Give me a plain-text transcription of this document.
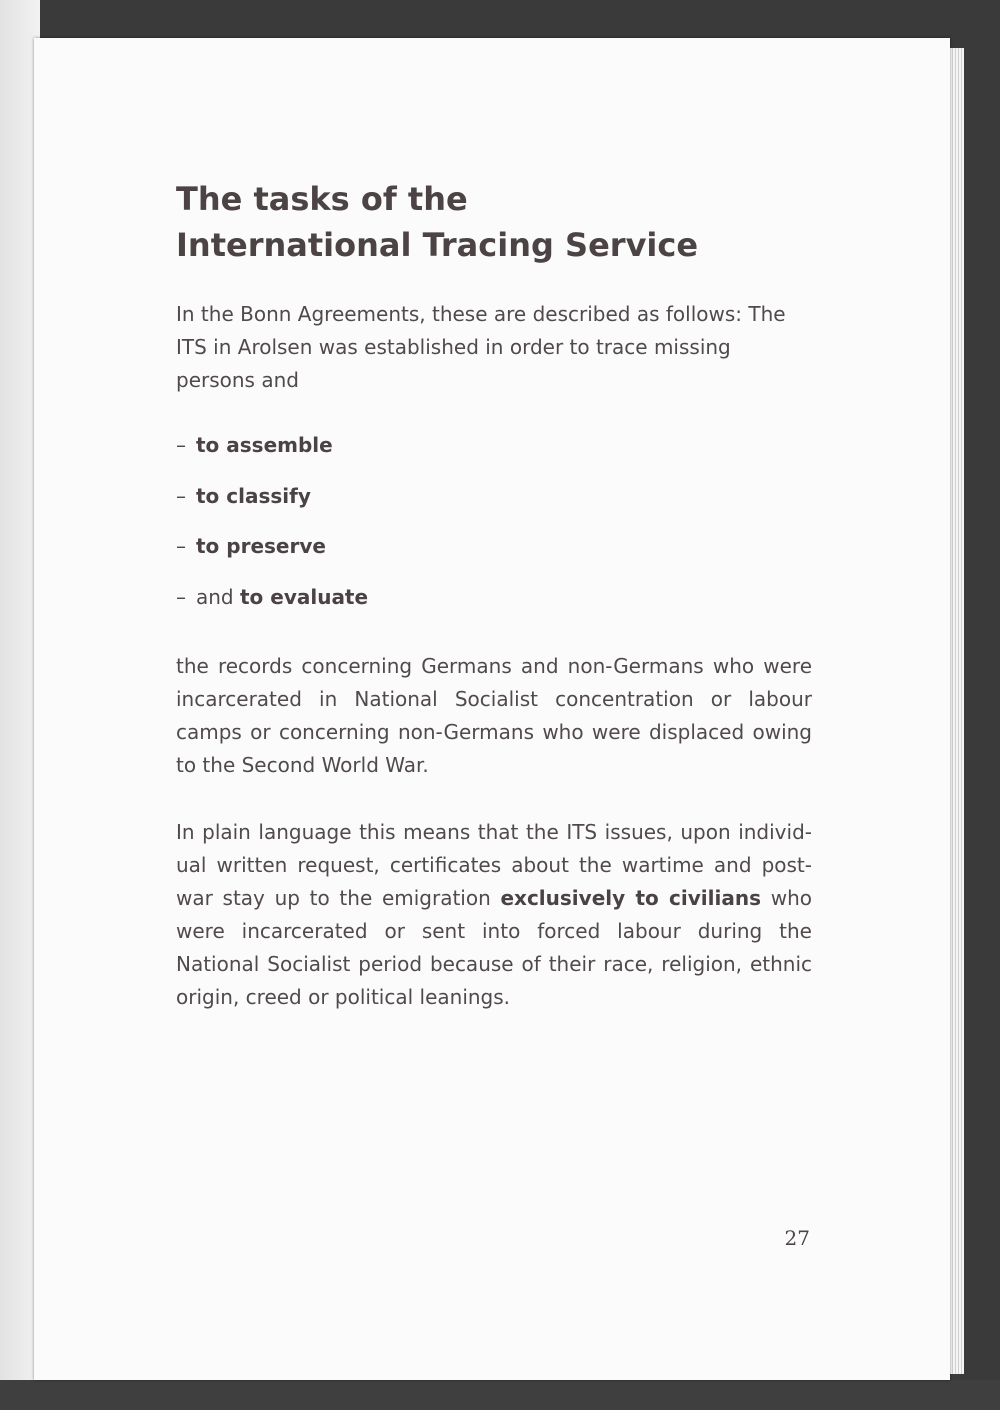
The tasks of the
International Tracing Service

In the Bonn Agreements, these are described as follows: The ITS in Arolsen was established in order to trace missing persons and

– to assemble
– to classify
– to preserve
– and to evaluate

the records concerning Germans and non-Germans who were incarcerated in National Socialist concentration or labour camps or concerning non-Germans who were displaced owing to the Second World War.

In plain language this means that the ITS issues, upon individual written request, certificates about the wartime and postwar stay up to the emigration exclusively to civilians who were incarcerated or sent into forced labour during the National Socialist period because of their race, religion, ethnic origin, creed or political leanings.

27
